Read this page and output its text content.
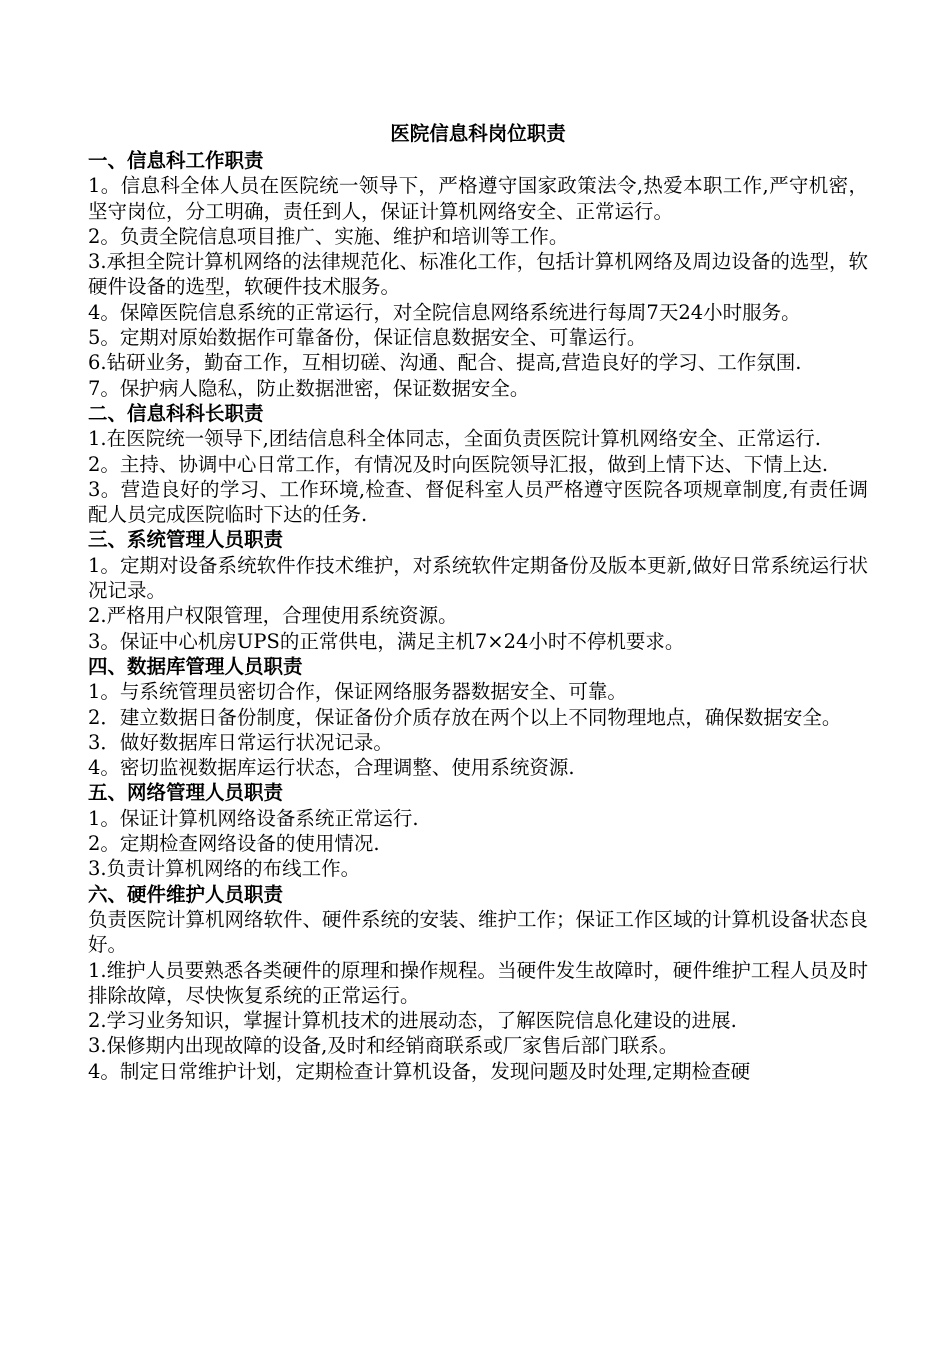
医院信息科岗位职责
一、信息科工作职责

1。信息科全体人员在医院统一领导下，严格遵守国家政策法令,热爱本职工作,严守机密，坚守岗位，分工明确，责任到人，保证计算机网络安全、正常运行。

2。负责全院信息项目推广、实施、维护和培训等工作。

3.承担全院计算机网络的法律规范化、标准化工作，包括计算机网络及周边设备的选型，软硬件设备的选型，软硬件技术服务。

4。保障医院信息系统的正常运行，对全院信息网络系统进行每周7天24小时服务。

5。定期对原始数据作可靠备份，保证信息数据安全、可靠运行。

6.钻研业务，勤奋工作，互相切磋、沟通、配合、提高,营造良好的学习、工作氛围.

7。保护病人隐私，防止数据泄密，保证数据安全。

二、信息科科长职责

1.在医院统一领导下,团结信息科全体同志，全面负责医院计算机网络安全、正常运行.

2。主持、协调中心日常工作，有情况及时向医院领导汇报，做到上情下达、下情上达.

3。营造良好的学习、工作环境,检查、督促科室人员严格遵守医院各项规章制度,有责任调配人员完成医院临时下达的任务.

三、系统管理人员职责

1。定期对设备系统软件作技术维护，对系统软件定期备份及版本更新,做好日常系统运行状况记录。

2.严格用户权限管理，合理使用系统资源。

3。保证中心机房UPS的正常供电，满足主机7×24小时不停机要求。

四、数据库管理人员职责

1。与系统管理员密切合作，保证网络服务器数据安全、可靠。

2．建立数据日备份制度，保证备份介质存放在两个以上不同物理地点，确保数据安全。

3．做好数据库日常运行状况记录。

4。密切监视数据库运行状态，合理调整、使用系统资源.

五、网络管理人员职责

1。保证计算机网络设备系统正常运行.

2。定期检查网络设备的使用情况.

3.负责计算机网络的布线工作。

六、硬件维护人员职责

负责医院计算机网络软件、硬件系统的安装、维护工作；保证工作区域的计算机设备状态良好。

1.维护人员要熟悉各类硬件的原理和操作规程。当硬件发生故障时，硬件维护工程人员及时排除故障，尽快恢复系统的正常运行。

2.学习业务知识，掌握计算机技术的进展动态，了解医院信息化建设的进展.

3.保修期内出现故障的设备,及时和经销商联系或厂家售后部门联系。

4。制定日常维护计划，定期检查计算机设备，发现问题及时处理,定期检查硬
